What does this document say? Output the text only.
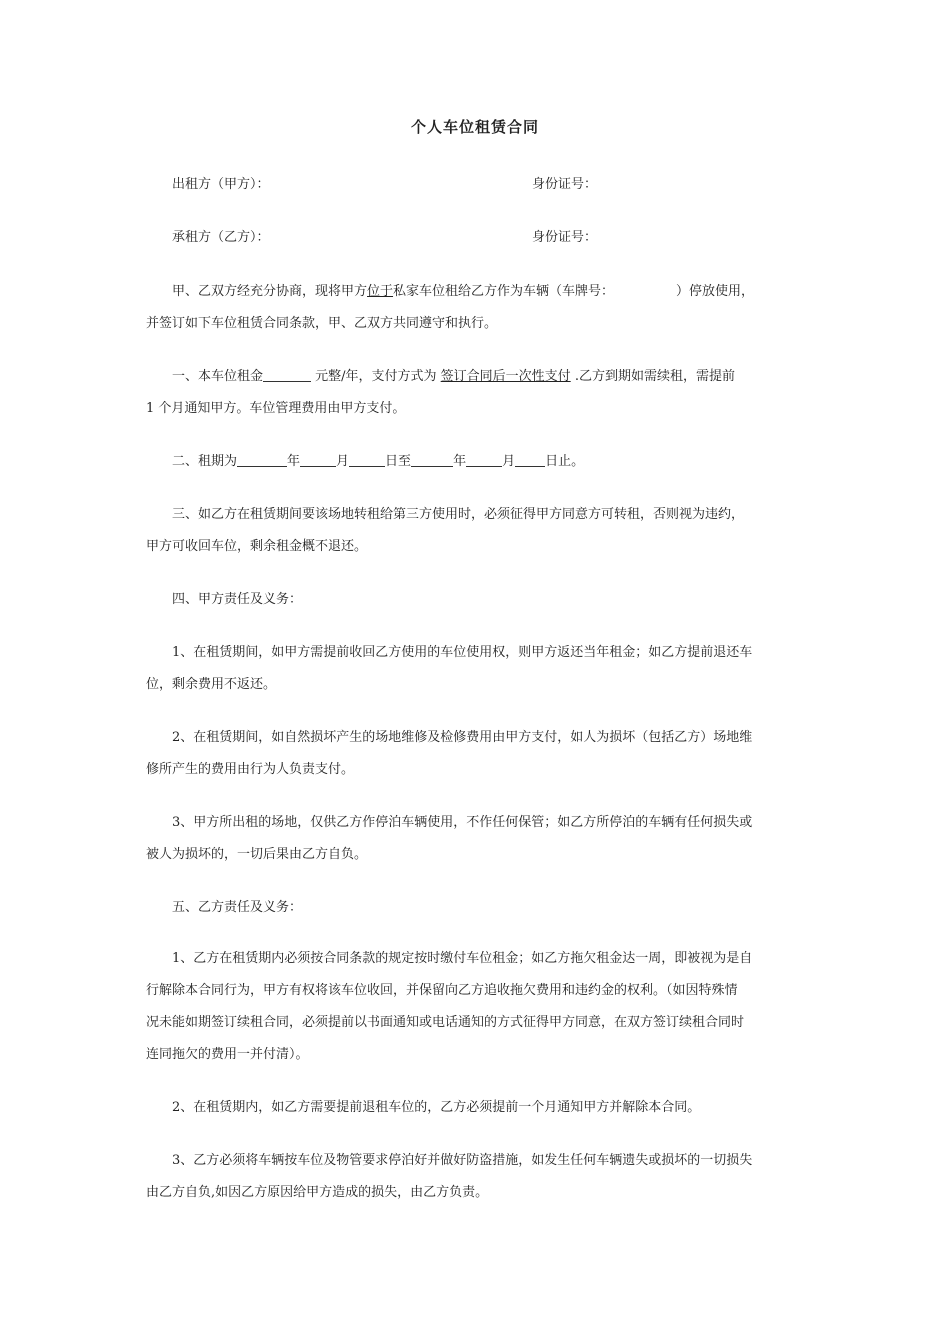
个人车位租赁合同
出租方（甲方）：	身份证号：
承租方（乙方）：	身份证号：
甲、乙双方经充分协商，现将甲方位于私家车位租给乙方作为车辆（车牌号：	）停放使用，
并签订如下车位租赁合同条款，甲、乙双方共同遵守和执行。
一、本车位租金	元整/年，支付方式为 签订合同后一次性支付 .乙方到期如需续租，需提前
1 个月通知甲方。车位管理费用由甲方支付。
二、租期为	年	月	日至	年	月 日止。
三、如乙方在租赁期间要该场地转租给第三方使用时，必须征得甲方同意方可转租，否则视为违约，
甲方可收回车位，剩余租金概不退还。
四、甲方责任及义务：
1、在租赁期间，如甲方需提前收回乙方使用的车位使用权，则甲方返还当年租金；如乙方提前退还车
位，剩余费用不返还。
2、在租赁期间，如自然损坏产生的场地维修及检修费用由甲方支付，如人为损坏（包括乙方）场地维
修所产生的费用由行为人负责支付。
3、甲方所出租的场地，仅供乙方作停泊车辆使用，不作任何保管；如乙方所停泊的车辆有任何损失或
被人为损坏的，一切后果由乙方自负。
五、乙方责任及义务：
1、乙方在租赁期内必须按合同条款的规定按时缴付车位租金；如乙方拖欠租金达一周，即被视为是自
行解除本合同行为，甲方有权将该车位收回，并保留向乙方追收拖欠费用和违约金的权利。（如因特殊情
况未能如期签订续租合同，必须提前以书面通知或电话通知的方式征得甲方同意，在双方签订续租合同时
连同拖欠的费用一并付清）。
2、在租赁期内，如乙方需要提前退租车位的，乙方必须提前一个月通知甲方并解除本合同。
3、乙方必须将车辆按车位及物管要求停泊好并做好防盗措施，如发生任何车辆遗失或损坏的一切损失
由乙方自负,如因乙方原因给甲方造成的损失，由乙方负责。
